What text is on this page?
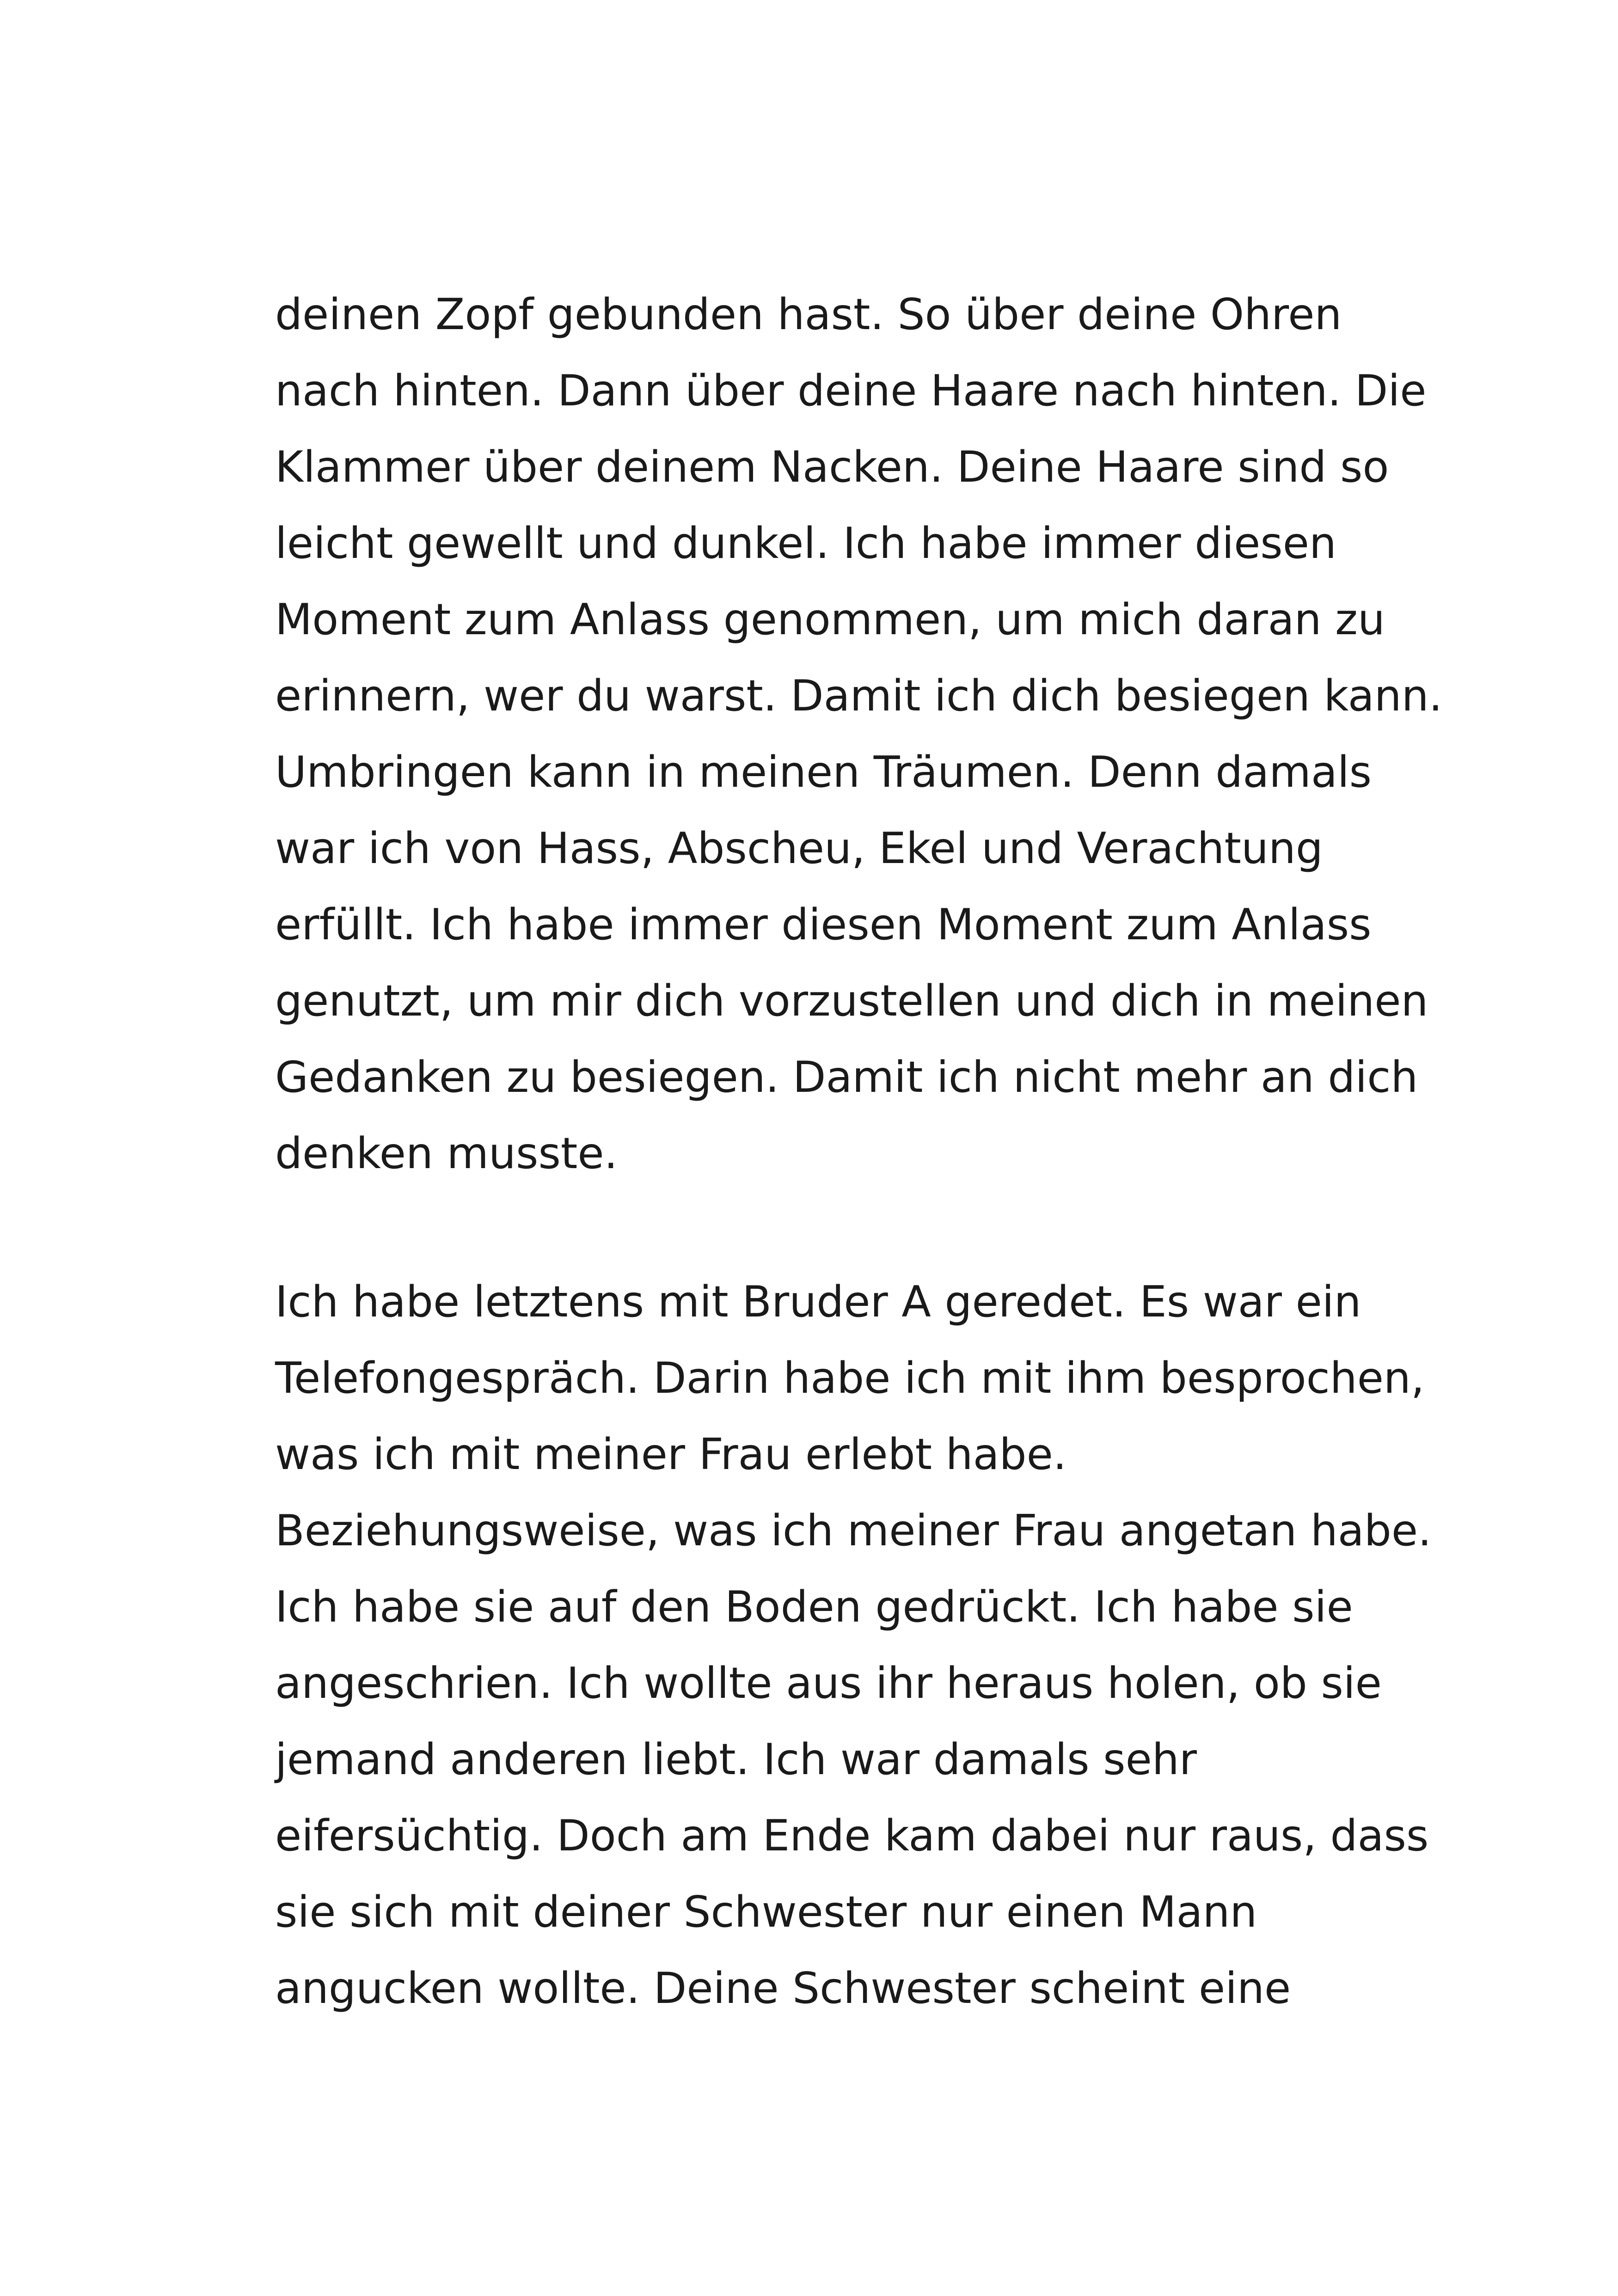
deinen Zopf gebunden hast. So über deine Ohren
nach hinten. Dann über deine Haare nach hinten. Die
Klammer über deinem Nacken. Deine Haare sind so
leicht gewellt und dunkel. Ich habe immer diesen
Moment zum Anlass genommen, um mich daran zu
erinnern, wer du warst. Damit ich dich besiegen kann.
Umbringen kann in meinen Träumen. Denn damals
war ich von Hass, Abscheu, Ekel und Verachtung
erfüllt. Ich habe immer diesen Moment zum Anlass
genutzt, um mir dich vorzustellen und dich in meinen
Gedanken zu besiegen. Damit ich nicht mehr an dich
denken musste.

Ich habe letztens mit Bruder A geredet. Es war ein
Telefongespräch. Darin habe ich mit ihm besprochen,
was ich mit meiner Frau erlebt habe.
Beziehungsweise, was ich meiner Frau angetan habe.
Ich habe sie auf den Boden gedrückt. Ich habe sie
angeschrien. Ich wollte aus ihr heraus holen, ob sie
jemand anderen liebt. Ich war damals sehr
eifersüchtig. Doch am Ende kam dabei nur raus, dass
sie sich mit deiner Schwester nur einen Mann
angucken wollte. Deine Schwester scheint eine
